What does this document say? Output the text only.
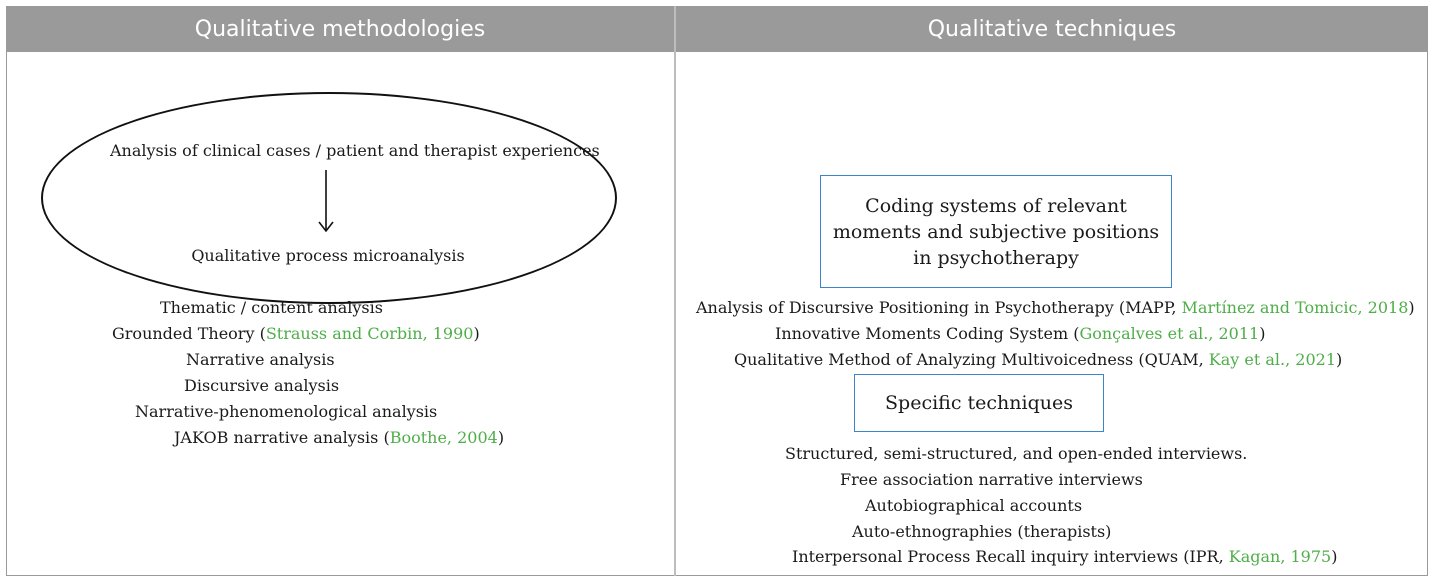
Qualitative methodologies	Qualitative techniques
Analysis of clinical cases / patient and therapist experiences
Qualitative process microanalysis
Thematic / content analysis
Grounded Theory (Strauss and Corbin, 1990)
Narrative analysis
Discursive analysis
Narrative-phenomenological analysis
JAKOB narrative analysis (Boothe, 2004)
Coding systems of relevant
moments and subjective positions
in psychotherapy
Analysis of Discursive Positioning in Psychotherapy (MAPP, Martínez and Tomicic, 2018)
Innovative Moments Coding System (Gonçalves et al., 2011)
Qualitative Method of Analyzing Multivoicedness (QUAM, Kay et al., 2021)
Specific techniques
Structured, semi-structured, and open-ended interviews.
Free association narrative interviews
Autobiographical accounts
Auto-ethnographies (therapists)
Interpersonal Process Recall inquiry interviews (IPR, Kagan, 1975)
